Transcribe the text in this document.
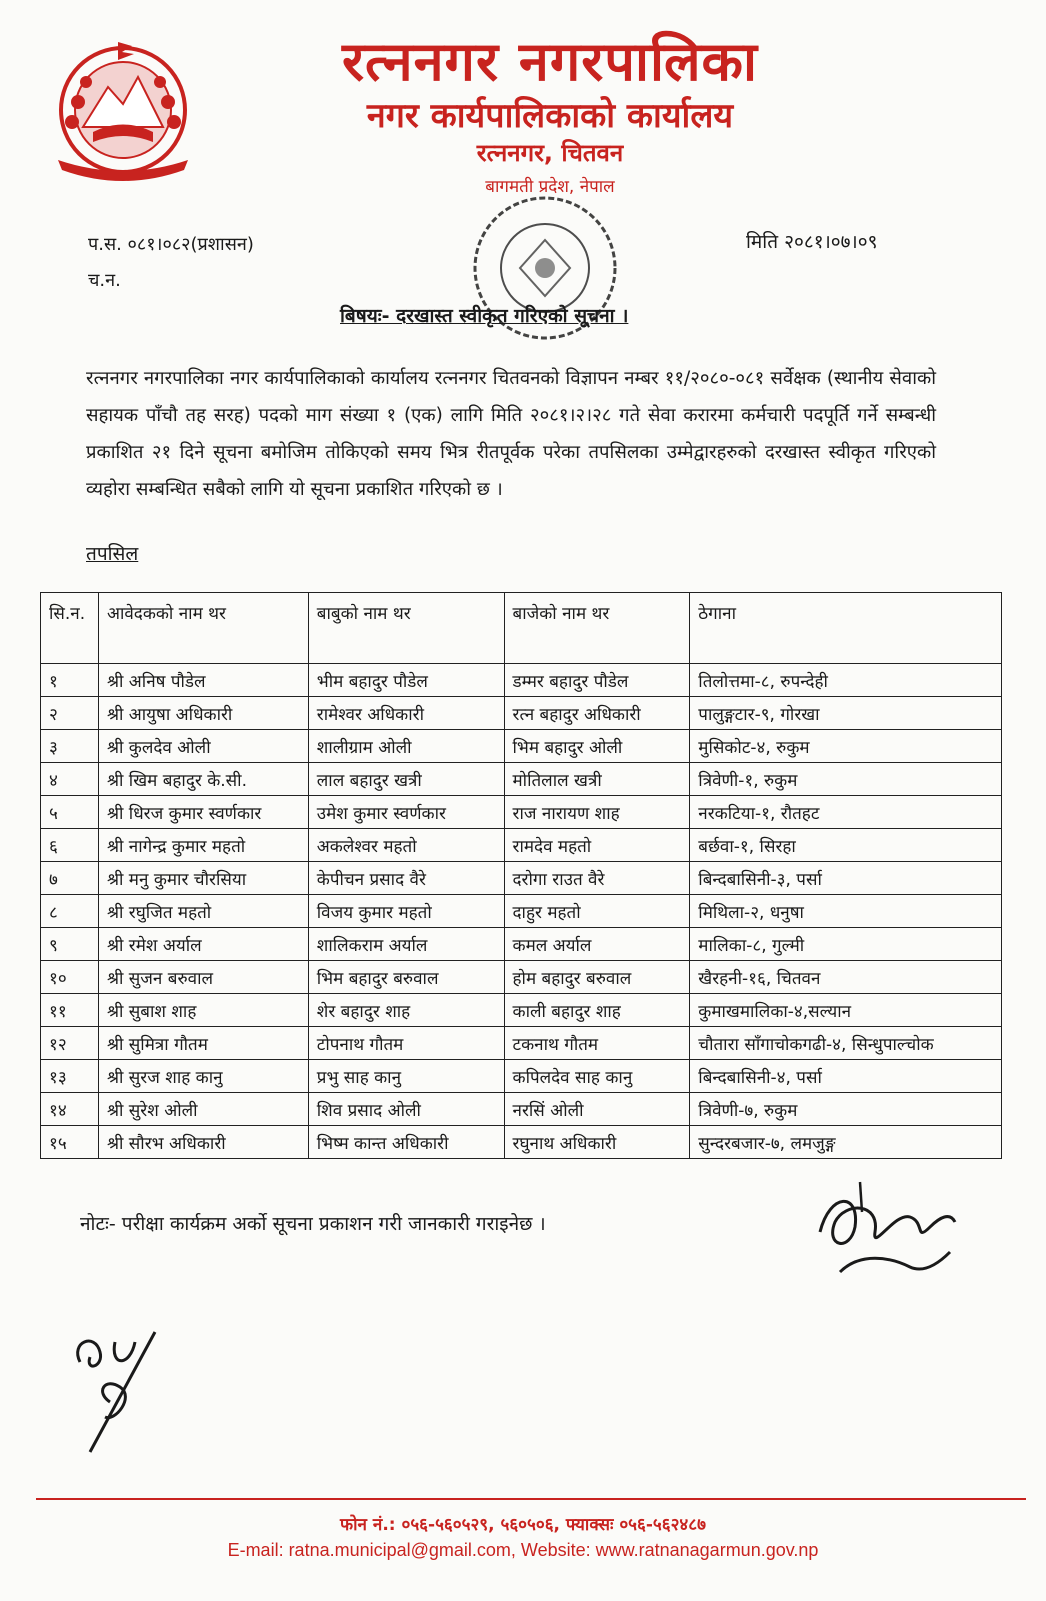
रत्ननगर नगरपालिका
नगर कार्यपालिकाको कार्यालय
रत्ननगर, चितवन
बागमती प्रदेश, नेपाल
प.स. ०८१।०८२(प्रशासन)
च.न.
मिति २०८१।०७।०९
बिषयः- दरखास्त स्वीकृत गरिएको सूचना ।
रत्ननगर नगरपालिका नगर कार्यपालिकाको कार्यालय रत्ननगर चितवनको विज्ञापन नम्बर ११/२०८०-०८१ सर्वेक्षक (स्थानीय सेवाको सहायक पाँचौ तह सरह) पदको माग संख्या १ (एक) लागि मिति २०८१।२।२८ गते सेवा करारमा कर्मचारी पदपूर्ति गर्ने सम्बन्धी प्रकाशित २१ दिने सूचना बमोजिम तोकिएको समय भित्र रीतपूर्वक परेका तपसिलका उम्मेद्वारहरुको दरखास्त स्वीकृत गरिएको व्यहोरा सम्बन्धित सबैको लागि यो सूचना प्रकाशित गरिएको छ ।
तपसिल
सि.न.	आवेदकको नाम थर	बाबुको नाम थर	बाजेको नाम थर	ठेगाना
१	श्री अनिष पौडेल	भीम बहादुर पौडेल	डम्मर बहादुर पौडेल	तिलोत्तमा-८, रुपन्देही
२	श्री आयुषा अधिकारी	रामेश्वर अधिकारी	रत्न बहादुर अधिकारी	पालुङ्गटार-९, गोरखा
३	श्री कुलदेव ओली	शालीग्राम ओली	भिम बहादुर ओली	मुसिकोट-४, रुकुम
४	श्री खिम बहादुर के.सी.	लाल बहादुर खत्री	मोतिलाल खत्री	त्रिवेणी-१, रुकुम
५	श्री धिरज कुमार स्वर्णकार	उमेश कुमार स्वर्णकार	राज नारायण शाह	नरकटिया-१, रौतहट
६	श्री नागेन्द्र कुमार महतो	अकलेश्वर महतो	रामदेव महतो	बर्छवा-१, सिरहा
७	श्री मनु कुमार चौरसिया	केपीचन प्रसाद वैरे	दरोगा राउत वैरे	बिन्दबासिनी-३, पर्सा
८	श्री रघुजित महतो	विजय कुमार महतो	दाहुर महतो	मिथिला-२, धनुषा
९	श्री रमेश अर्याल	शालिकराम अर्याल	कमल अर्याल	मालिका-८, गुल्मी
१०	श्री सुजन बरुवाल	भिम बहादुर बरुवाल	होम बहादुर बरुवाल	खैरहनी-१६, चितवन
११	श्री सुबाश शाह	शेर बहादुर शाह	काली बहादुर शाह	कुमाखमालिका-४,सल्यान
१२	श्री सुमित्रा गौतम	टोपनाथ गौतम	टकनाथ गौतम	चौतारा साँगाचोकगढी-४, सिन्धुपाल्चोक
१३	श्री सुरज शाह कानु	प्रभु साह कानु	कपिलदेव साह कानु	बिन्दबासिनी-४, पर्सा
१४	श्री सुरेश ओली	शिव प्रसाद ओली	नरसिं ओली	त्रिवेणी-७, रुकुम
१५	श्री सौरभ अधिकारी	भिष्म कान्त अधिकारी	रघुनाथ अधिकारी	सुन्दरबजार-७, लमजुङ्ग
नोटः- परीक्षा कार्यक्रम अर्को सूचना प्रकाशन गरी जानकारी गराइनेछ ।
फोन नं.: ०५६-५६०५२९, ५६०५०६, फ्याक्सः ०५६-५६२४८७
E-mail: ratna.municipal@gmail.com, Website: www.ratnanagarmun.gov.np
